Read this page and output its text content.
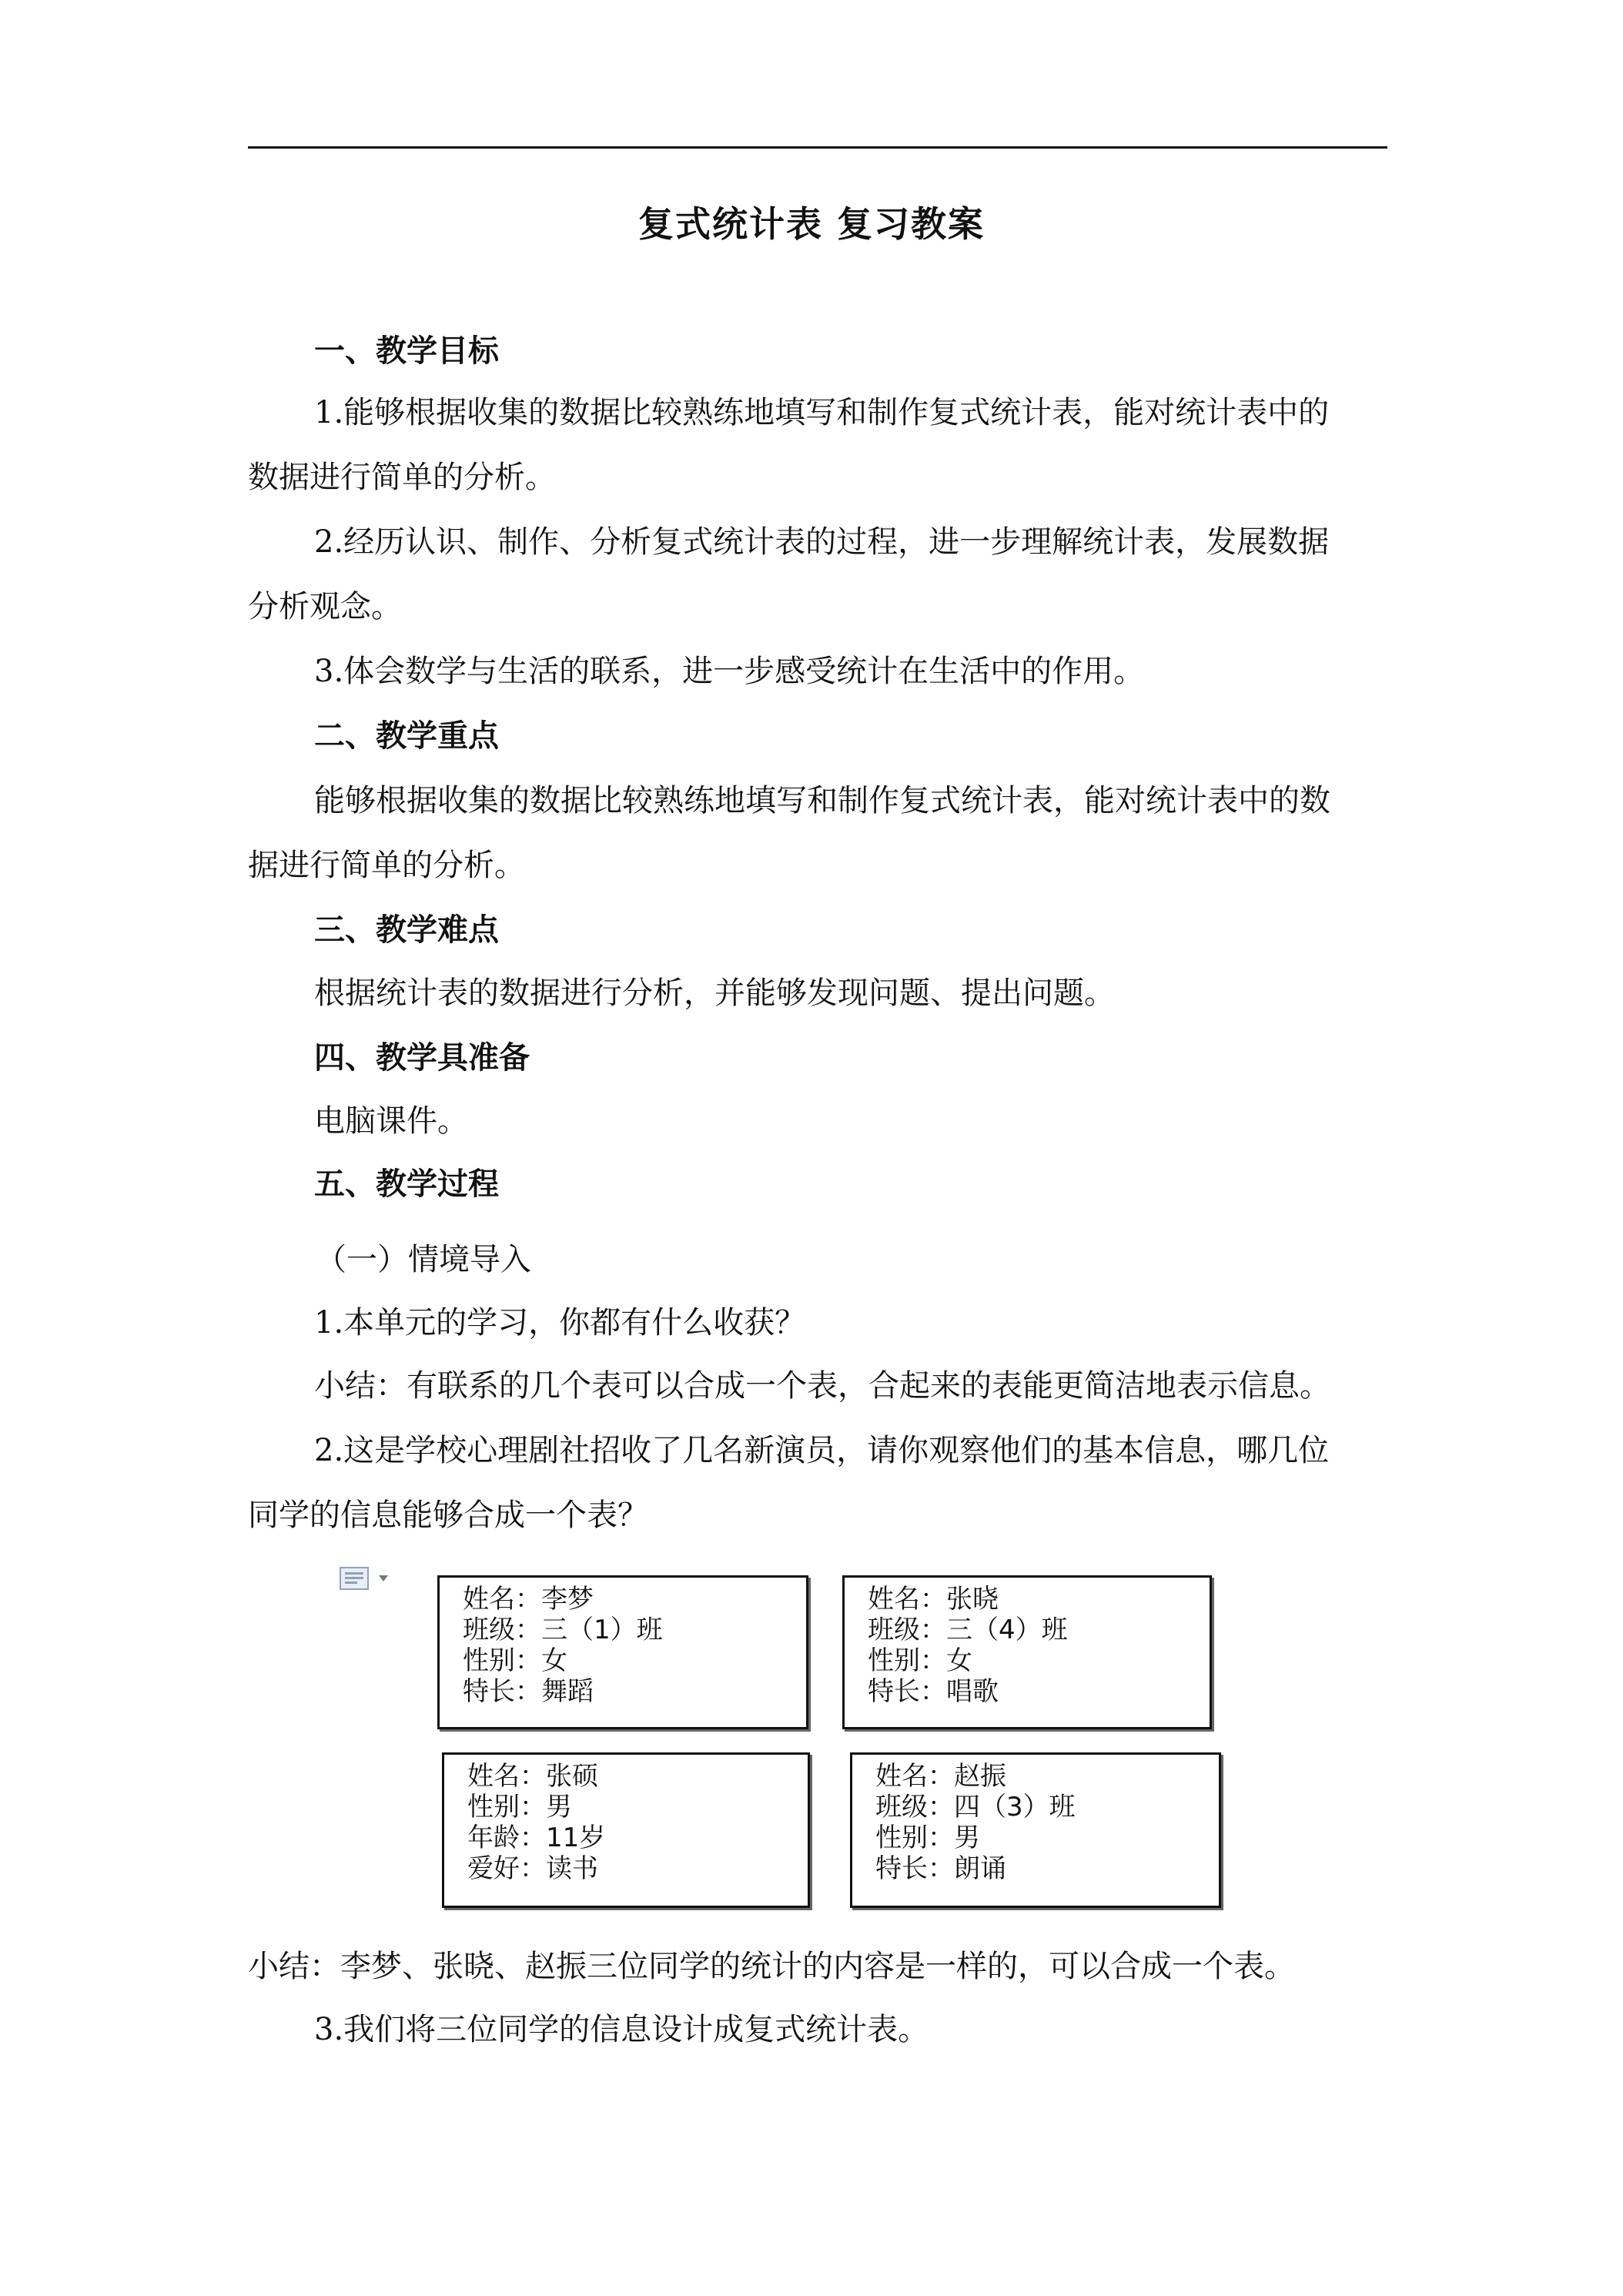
复式统计表 复习教案
一、教学目标
1.能够根据收集的数据比较熟练地填写和制作复式统计表，能对统计表中的
数据进行简单的分析。
2.经历认识、制作、分析复式统计表的过程，进一步理解统计表，发展数据
分析观念。
3.体会数学与生活的联系，进一步感受统计在生活中的作用。
二、教学重点
能够根据收集的数据比较熟练地填写和制作复式统计表，能对统计表中的数
据进行简单的分析。
三、教学难点
根据统计表的数据进行分析，并能够发现问题、提出问题。
四、教学具准备
电脑课件。
五、教学过程
（一）情境导入
1.本单元的学习，你都有什么收获？
小结：有联系的几个表可以合成一个表，合起来的表能更简洁地表示信息。
2.这是学校心理剧社招收了几名新演员，请你观察他们的基本信息，哪几位
同学的信息能够合成一个表？
姓名：李梦
班级：三（1）班
性别：女
特长：舞蹈
姓名：张晓
班级：三（4）班
性别：女
特长：唱歌
姓名：张硕
性别：男
年龄：11岁
爱好：读书
姓名：赵振
班级：四（3）班
性别：男
特长：朗诵
小结：李梦、张晓、赵振三位同学的统计的内容是一样的，可以合成一个表。
3.我们将三位同学的信息设计成复式统计表。
